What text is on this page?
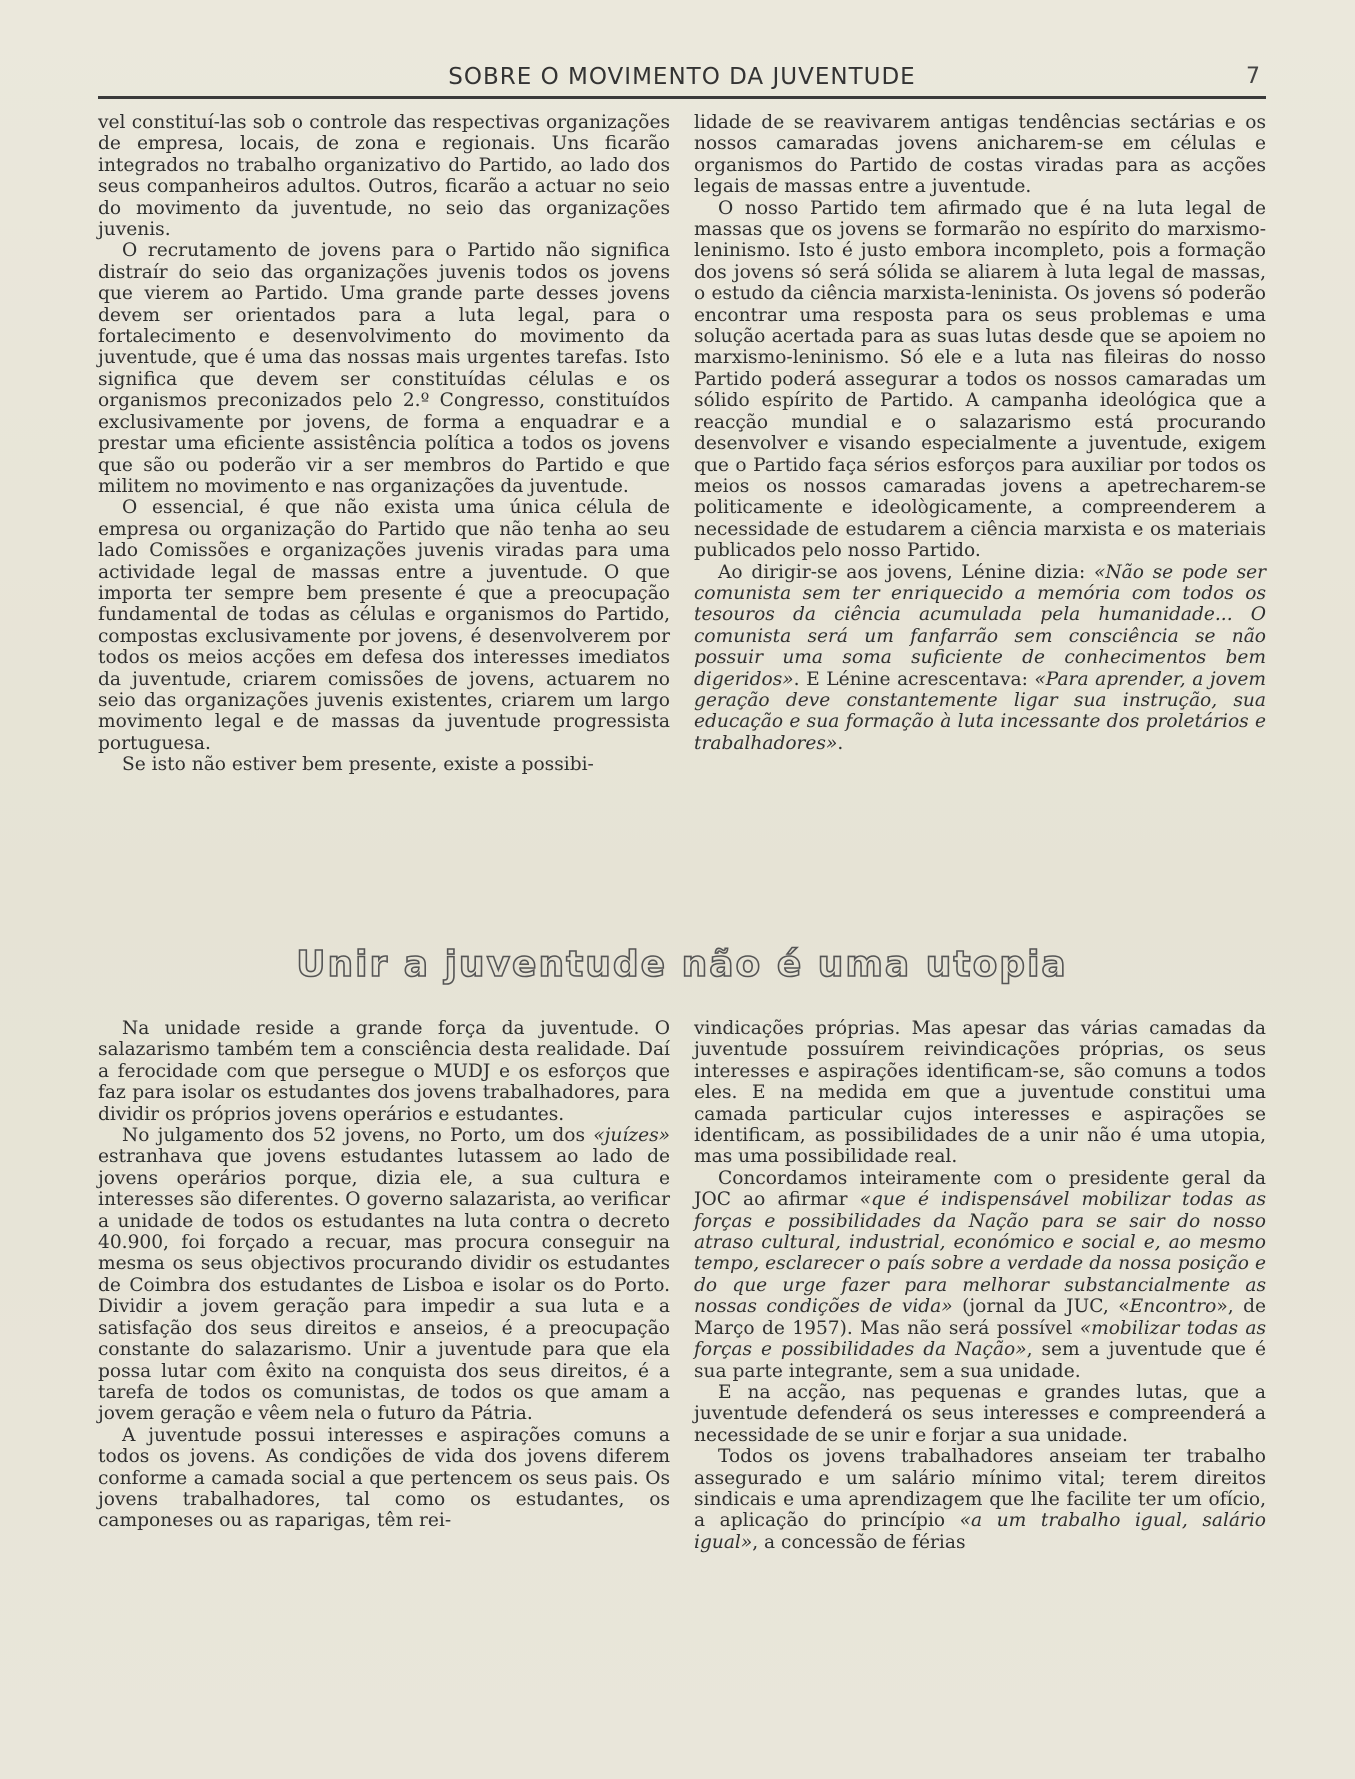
SOBRE O MOVIMENTO DA JUVENTUDE	7

vel constituí-las sob o controle das respectivas organizações de empresa, locais, de zona e regionais. Uns ficarão integrados no trabalho organizativo do Partido, ao lado dos seus companheiros adultos. Outros, ficarão a actuar no seio do movimento da juventude, no seio das organizações juvenis.

O recrutamento de jovens para o Partido não significa distraír do seio das organizações juvenis todos os jovens que vierem ao Partido. Uma grande parte desses jovens devem ser orientados para a luta legal, para o fortalecimento e desenvolvimento do movimento da juventude, que é uma das nossas mais urgentes tarefas. Isto significa que devem ser constituídas células e os organismos preconizados pelo 2.º Congresso, constituídos exclusivamente por jovens, de forma a enquadrar e a prestar uma eficiente assistência política a todos os jovens que são ou poderão vir a ser membros do Partido e que militem no movimento e nas organizações da juventude.

O essencial, é que não exista uma única célula de empresa ou organização do Partido que não tenha ao seu lado Comissões e organizações juvenis viradas para uma actividade legal de massas entre a juventude. O que importa ter sempre bem presente é que a preocupação fundamental de todas as células e organismos do Partido, compostas exclusivamente por jovens, é desenvolverem por todos os meios acções em defesa dos interesses imediatos da juventude, criarem comissões de jovens, actuarem no seio das organizações juvenis existentes, criarem um largo movimento legal e de massas da juventude progressista portuguesa.

Se isto não estiver bem presente, existe a possibi-

lidade de se reavivarem antigas tendências sectárias e os nossos camaradas jovens anicharem-se em células e organismos do Partido de costas viradas para as acções legais de massas entre a juventude.

O nosso Partido tem afirmado que é na luta legal de massas que os jovens se formarão no espírito do marxismo-leninismo. Isto é justo embora incompleto, pois a formação dos jovens só será sólida se aliarem à luta legal de massas, o estudo da ciência marxista-leninista. Os jovens só poderão encontrar uma resposta para os seus problemas e uma solução acertada para as suas lutas desde que se apoiem no marxismo-leninismo. Só ele e a luta nas fileiras do nosso Partido poderá assegurar a todos os nossos camaradas um sólido espírito de Partido. A campanha ideológica que a reacção mundial e o salazarismo está procurando desenvolver e visando especialmente a juventude, exigem que o Partido faça sérios esforços para auxiliar por todos os meios os nossos camaradas jovens a apetrecharem-se politicamente e ideològicamente, a compreenderem a necessidade de estudarem a ciência marxista e os materiais publicados pelo nosso Partido.

Ao dirigir-se aos jovens, Lénine dizia: «Não se pode ser comunista sem ter enriquecido a memória com todos os tesouros da ciência acumulada pela humanidade... O comunista será um fanfarrão sem consciência se não possuir uma soma suficiente de conhecimentos bem digeridos». E Lénine acrescentava: «Para aprender, a jovem geração deve constantemente ligar sua instrução, sua educação e sua formação à luta incessante dos proletários e trabalhadores».

Unir a juventude não é uma utopia

Na unidade reside a grande força da juventude. O salazarismo também tem a consciência desta realidade. Daí a ferocidade com que persegue o MUDJ e os esforços que faz para isolar os estudantes dos jovens trabalhadores, para dividir os próprios jovens operários e estudantes.

No julgamento dos 52 jovens, no Porto, um dos «juízes» estranhava que jovens estudantes lutassem ao lado de jovens operários porque, dizia ele, a sua cultura e interesses são diferentes. O governo salazarista, ao verificar a unidade de todos os estudantes na luta contra o decreto 40.900, foi forçado a recuar, mas procura conseguir na mesma os seus objectivos procurando dividir os estudantes de Coimbra dos estudantes de Lisboa e isolar os do Porto. Dividir a jovem geração para impedir a sua luta e a satisfação dos seus direitos e anseios, é a preocupação constante do salazarismo. Unir a juventude para que ela possa lutar com êxito na conquista dos seus direitos, é a tarefa de todos os comunistas, de todos os que amam a jovem geração e vêem nela o futuro da Pátria.

A juventude possui interesses e aspirações comuns a todos os jovens. As condições de vida dos jovens diferem conforme a camada social a que pertencem os seus pais. Os jovens trabalhadores, tal como os estudantes, os camponeses ou as raparigas, têm rei-

vindicações próprias. Mas apesar das várias camadas da juventude possuírem reivindicações próprias, os seus interesses e aspirações identificam-se, são comuns a todos eles. E na medida em que a juventude constitui uma camada particular cujos interesses e aspirações se identificam, as possibilidades de a unir não é uma utopia, mas uma possibilidade real.

Concordamos inteiramente com o presidente geral da JOC ao afirmar «que é indispensável mobilizar todas as forças e possibilidades da Nação para se sair do nosso atraso cultural, industrial, económico e social e, ao mesmo tempo, esclarecer o país sobre a verdade da nossa posição e do que urge fazer para melhorar substancialmente as nossas condições de vida» (jornal da JUC, «Encontro», de Março de 1957). Mas não será possível «mobilizar todas as forças e possibilidades da Nação», sem a juventude que é sua parte integrante, sem a sua unidade.

E na acção, nas pequenas e grandes lutas, que a juventude defenderá os seus interesses e compreenderá a necessidade de se unir e forjar a sua unidade.

Todos os jovens trabalhadores anseiam ter trabalho assegurado e um salário mínimo vital; terem direitos sindicais e uma aprendizagem que lhe facilite ter um ofício, a aplicação do princípio «a um trabalho igual, salário igual», a concessão de férias
